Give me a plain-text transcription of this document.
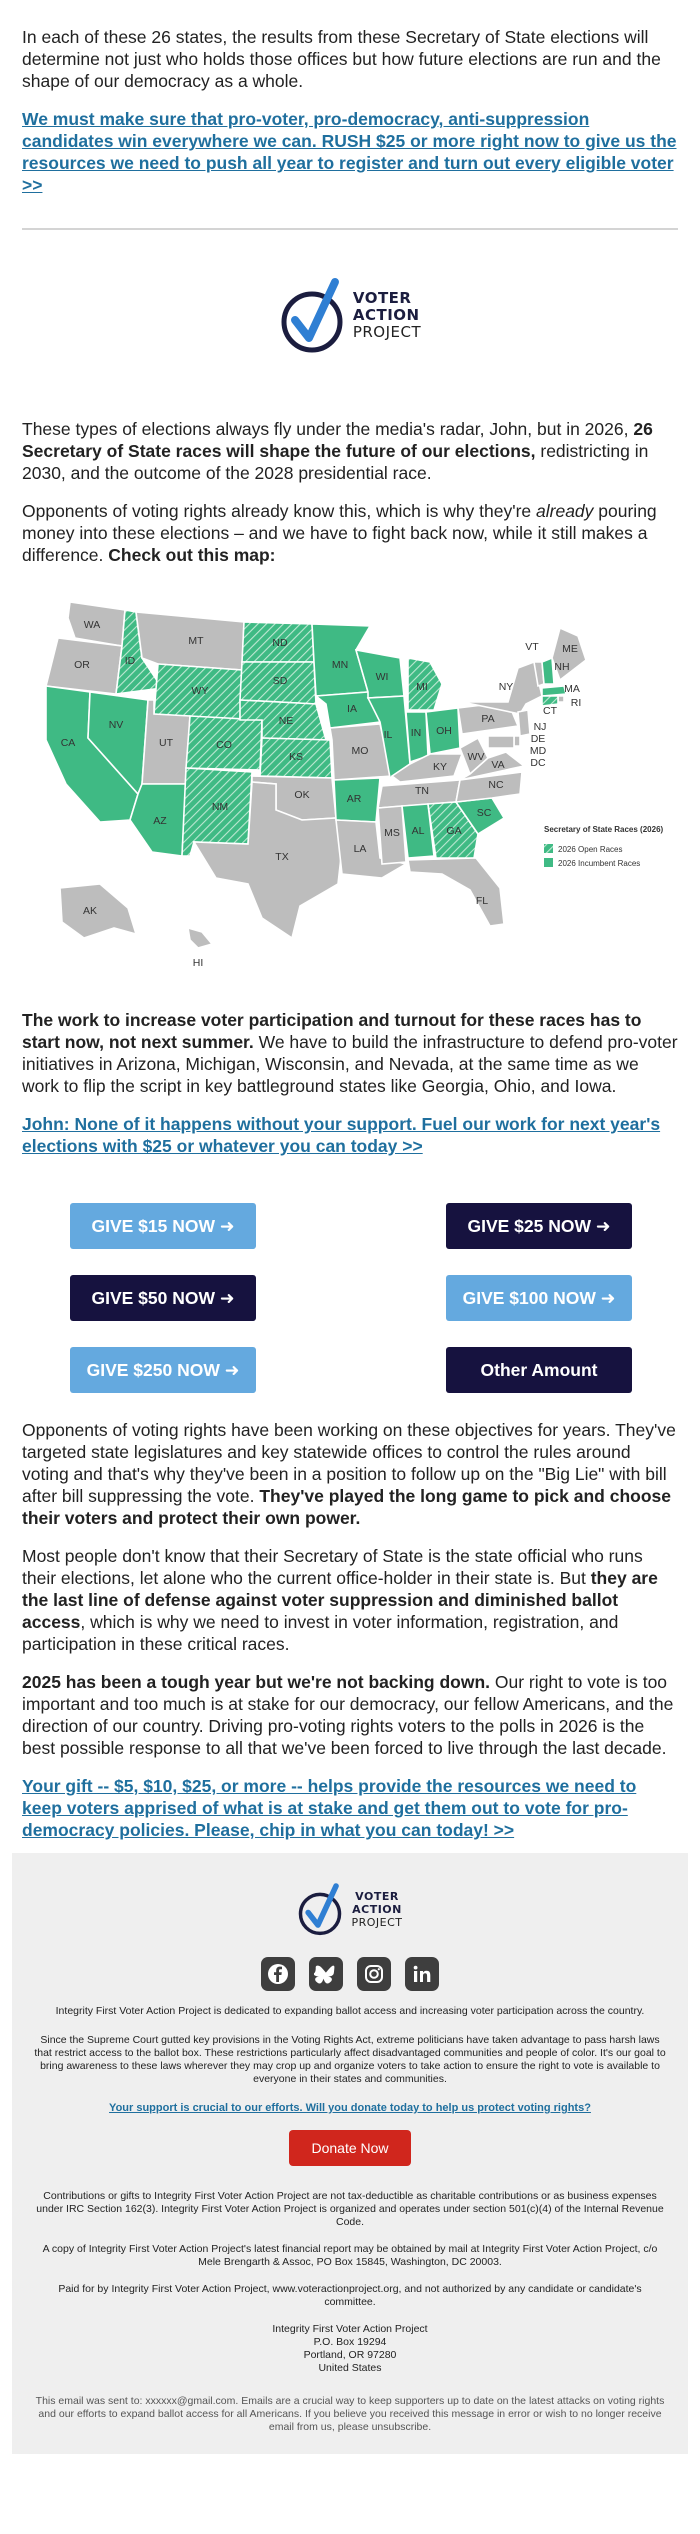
In each of these 26 states, the results from these Secretary of State elections will determine not just who holds those offices but how future elections are run and the shape of our democracy as a whole.

We must make sure that pro-voter, pro-democracy, anti-suppression candidates win everywhere we can. RUSH $25 or more right now to give us the resources we need to push all year to register and turn out every eligible voter >>
VOTER
ACTION
PROJECT

These types of elections always fly under the media's radar, John, but in 2026, 26 Secretary of State races will shape the future of our elections, redistricting in 2030, and the outcome of the 2028 presidential race.

Opponents of voting rights already know this, which is why they're already pouring money into these elections – and we have to fight back now, while it still makes a difference. Check out this map:

WA
OR
CA
ID
NV
MT
WY
UT
AZ
CO
NM
ND
SD
NE
KS
OK
TX
MN
IA
MO
AR
LA
WI
IL
MS
MI
IN
KY
TN
AL
OH
GA
FL
WV
VA
NC
SC
PA
NY
VT ME
NH
MA
RI
CT
NJ
DE
MD
DC
AK
HI
Secretary of State Races (2026)
2026 Open Races
2026 Incumbent Races

The work to increase voter participation and turnout for these races has to start now, not next summer. We have to build the infrastructure to defend pro-voter initiatives in Arizona, Michigan, Wisconsin, and Nevada, at the same time as we work to flip the script in key battleground states like Georgia, Ohio, and Iowa.

John: None of it happens without your support. Fuel our work for next year's elections with $25 or whatever you can today >>
GIVE $15 NOW ➜	GIVE $25 NOW ➜
GIVE $50 NOW ➜	GIVE $100 NOW ➜
GIVE $250 NOW ➜	Other Amount

Opponents of voting rights have been working on these objectives for years. They've targeted state legislatures and key statewide offices to control the rules around voting and that's why they've been in a position to follow up on the "Big Lie" with bill after bill suppressing the vote. They've played the long game to pick and choose their voters and protect their own power.

Most people don't know that their Secretary of State is the state official who runs their elections, let alone who the current office-holder in their state is. But they are the last line of defense against voter suppression and diminished ballot access, which is why we need to invest in voter information, registration, and participation in these critical races.

2025 has been a tough year but we're not backing down. Our right to vote is too important and too much is at stake for our democracy, our fellow Americans, and the direction of our country. Driving pro-voting rights voters to the polls in 2026 is the best possible response to all that we've been forced to live through the last decade.

Your gift -- $5, $10, $25, or more -- helps provide the resources we need to keep voters apprised of what is at stake and get them out to vote for pro-democracy policies. Please, chip in what you can today! >>
VOTER
ACTION
PROJECT

Integrity First Voter Action Project is dedicated to expanding ballot access and increasing voter participation across the country.

Since the Supreme Court gutted key provisions in the Voting Rights Act, extreme politicians have taken advantage to pass harsh laws that restrict access to the ballot box. These restrictions particularly affect disadvantaged communities and people of color. It's our goal to bring awareness to these laws wherever they may crop up and organize voters to take action to ensure the right to vote is available to everyone in their states and communities.

Your support is crucial to our efforts. Will you donate today to help us protect voting rights?
Donate Now

Contributions or gifts to Integrity First Voter Action Project are not tax-deductible as charitable contributions or as business expenses under IRC Section 162(3). Integrity First Voter Action Project is organized and operates under section 501(c)(4) of the Internal Revenue Code.

A copy of Integrity First Voter Action Project's latest financial report may be obtained by mail at Integrity First Voter Action Project, c/o Mele Brengarth & Assoc, PO Box 15845, Washington, DC 20003.

Paid for by Integrity First Voter Action Project, www.voteractionproject.org, and not authorized by any candidate or candidate's committee.

Integrity First Voter Action Project

P.O. Box 19294

Portland, OR 97280

United States

This email was sent to: xxxxxx@gmail.com. Emails are a crucial way to keep supporters up to date on the latest attacks on voting rights and our efforts to expand ballot access for all Americans. If you believe you received this message in error or wish to no longer receive email from us, please unsubscribe.
